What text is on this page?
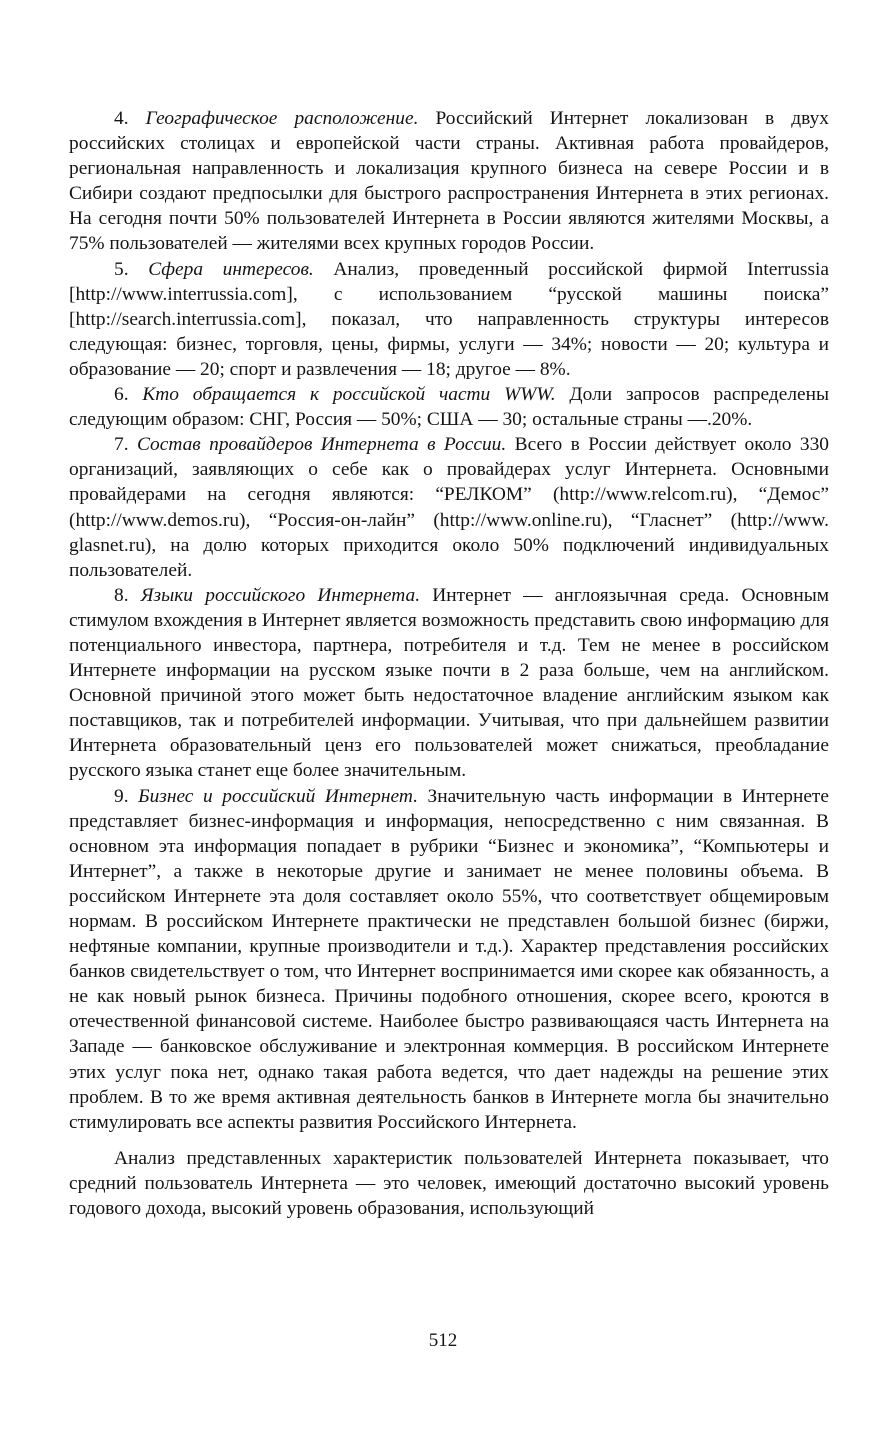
4. Географическое расположение. Российский Интернет локализован в двух российских столицах и европейской части страны. Активная работа провайдеров, региональная направленность и локализация крупного бизнеса на севере России и в Сибири создают предпосылки для быстрого распространения Интернета в этих регионах. На сегодня почти 50% пользователей Интернета в России являются жителями Москвы, а 75% пользователей — жителями всех крупных городов России.

5. Сфера интересов. Анализ, проведенный российской фирмой Interrussia [http://www.interrussia.com], с использованием “русской машины поиска” [http://search.interrussia.com], показал, что направленность структуры интересов следующая: бизнес, торговля, цены, фирмы, услуги — 34%; новости — 20; культура и образование — 20; спорт и развлечения — 18; другое — 8%.

6. Кто обращается к российской части WWW. Доли запросов распределены следующим образом: СНГ, Россия — 50%; США — 30; остальные страны —.20%.

7. Состав провайдеров Интернета в России. Всего в России действует около 330 организаций, заявляющих о себе как о провайдерах услуг Интернета. Основными провайдерами на сегодня являются: “РЕЛКОМ” (http://www.relcom.ru), “Демос” (http://www.demos.ru), “Россия-он-лайн” (http://www.online.ru), “Гласнет” (http://www. glasnet.ru), на долю которых приходится около 50% подключений индивидуальных пользователей.

8. Языки российского Интернета. Интернет — англоязычная среда. Основным стимулом вхождения в Интернет является возможность представить свою информацию для потенциального инвестора, партнера, потребителя и т.д. Тем не менее в российском Интернете информации на русском языке почти в 2 раза больше, чем на английском. Основной причиной этого может быть недостаточное владение английским языком как поставщиков, так и потребителей информации. Учитывая, что при дальнейшем развитии Интернета образовательный ценз его пользователей может снижаться, преобладание русского языка станет еще более значительным.

9. Бизнес и российский Интернет. Значительную часть информации в Интернете представляет бизнес-информация и информация, непосредственно с ним связанная. В основном эта информация попадает в рубрики “Бизнес и экономика”, “Компьютеры и Интернет”, а также в некоторые другие и занимает не менее половины объема. В российском Интернете эта доля составляет около 55%, что соответствует общемировым нормам. В российском Интернете практически не представлен большой бизнес (биржи, нефтяные компании, крупные производители и т.д.). Характер представления российских банков свидетельствует о том, что Интернет воспринимается ими скорее как обязанность, а не как новый рынок бизнеса. Причины подобного отношения, скорее всего, кроются в отечественной финансовой системе. Наиболее быстро развивающаяся часть Интернета на Западе — банковское обслуживание и электронная коммерция. В российском Интернете этих услуг пока нет, однако такая работа ведется, что дает надежды на решение этих проблем. В то же время активная деятельность банков в Интернете могла бы значительно стимулировать все аспекты развития Российского Интернета.

Анализ представленных характеристик пользователей Интернета показывает, что средний пользователь Интернета — это человек, имеющий достаточно высокий уровень годового дохода, высокий уровень образования, использующий

512
